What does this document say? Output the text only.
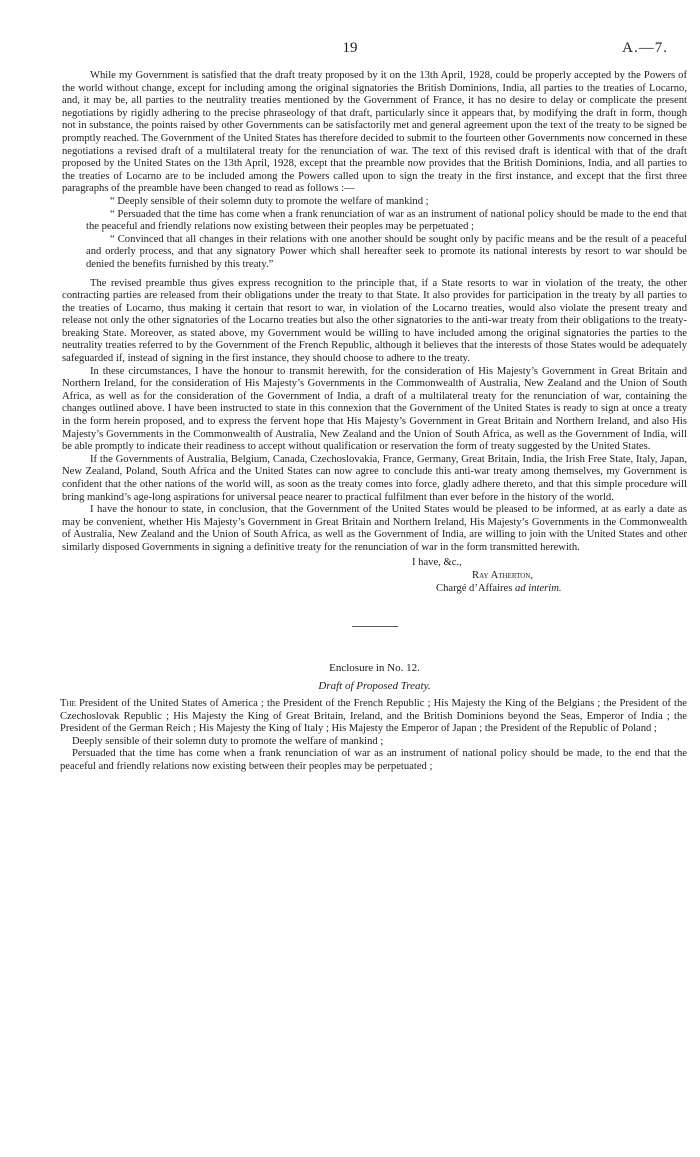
19	A.—7.

While my Government is satisfied that the draft treaty proposed by it on the 13th April, 1928, could be properly accepted by the Powers of the world without change, except for including among the original signatories the British Dominions, India, all parties to the treaties of Locarno, and, it may be, all parties to the neutrality treaties mentioned by the Government of France, it has no desire to delay or complicate the present negotiations by rigidly adhering to the precise phraseology of that draft, particularly since it appears that, by modifying the draft in form, though not in substance, the points raised by other Governments can be satisfactorily met and general agreement upon the text of the treaty to be signed be promptly reached. The Government of the United States has therefore decided to submit to the fourteen other Governments now concerned in these negotiations a revised draft of a multilateral treaty for the renunciation of war. The text of this revised draft is identical with that of the draft proposed by the United States on the 13th April, 1928, except that the preamble now provides that the British Dominions, India, and all parties to the treaties of Locarno are to be included among the Powers called upon to sign the treaty in the first instance, and except that the first three paragraphs of the preamble have been changed to read as follows :—

“ Deeply sensible of their solemn duty to promote the welfare of mankind ;

“ Persuaded that the time has come when a frank renunciation of war as an instrument of national policy should be made to the end that the peaceful and friendly relations now existing between their peoples may be perpetuated ;

“ Convinced that all changes in their relations with one another should be sought only by pacific means and be the result of a peaceful and orderly process, and that any signatory Power which shall hereafter seek to promote its national interests by resort to war should be denied the benefits furnished by this treaty.”

The revised preamble thus gives express recognition to the principle that, if a State resorts to war in violation of the treaty, the other contracting parties are released from their obligations under the treaty to that State. It also provides for participation in the treaty by all parties to the treaties of Locarno, thus making it certain that resort to war, in violation of the Locarno treaties, would also violate the present treaty and release not only the other signatories of the Locarno treaties but also the other signatories to the anti-war treaty from their obligations to the treaty-breaking State. Moreover, as stated above, my Government would be willing to have included among the original signatories the parties to the neutrality treaties referred to by the Government of the French Republic, although it believes that the interests of those States would be adequately safeguarded if, instead of signing in the first instance, they should choose to adhere to the treaty.

In these circumstances, I have the honour to transmit herewith, for the consideration of His Majesty’s Government in Great Britain and Northern Ireland, for the consideration of His Majesty’s Governments in the Commonwealth of Australia, New Zealand and the Union of South Africa, as well as for the consideration of the Government of India, a draft of a multilateral treaty for the renunciation of war, containing the changes outlined above. I have been instructed to state in this connexion that the Government of the United States is ready to sign at once a treaty in the form herein proposed, and to express the fervent hope that His Majesty’s Government in Great Britain and Northern Ireland, and also His Majesty’s Governments in the Commonwealth of Australia, New Zealand and the Union of South Africa, as well as the Government of India, will be able promptly to indicate their readiness to accept without qualification or reservation the form of treaty suggested by the United States.

If the Governments of Australia, Belgium, Canada, Czechoslovakia, France, Germany, Great Britain, India, the Irish Free State, Italy, Japan, New Zealand, Poland, South Africa and the United States can now agree to conclude this anti-war treaty among themselves, my Government is confident that the other nations of the world will, as soon as the treaty comes into force, gladly adhere thereto, and that this simple procedure will bring mankind’s age-long aspirations for universal peace nearer to practical fulfilment than ever before in the history of the world.

I have the honour to state, in conclusion, that the Government of the United States would be pleased to be informed, at as early a date as may be convenient, whether His Majesty’s Government in Great Britain and Northern Ireland, His Majesty’s Governments in the Commonwealth of Australia, New Zealand and the Union of South Africa, as well as the Government of India, are willing to join with the United States and other similarly disposed Governments in signing a definitive treaty for the renunciation of war in the form transmitted herewith.

I have, &c.,
Ray Atherton,
Chargé d’Affaires ad interim.
Enclosure in No. 12.
Draft of Proposed Treaty.

The President of the United States of America ; the President of the French Republic ; His Majesty the King of the Belgians ; the President of the Czechoslovak Republic ; His Majesty the King of Great Britain, Ireland, and the British Dominions beyond the Seas, Emperor of India ; the President of the German Reich ; His Majesty the King of Italy ; His Majesty the Emperor of Japan ; the President of the Republic of Poland ;

Deeply sensible of their solemn duty to promote the welfare of mankind ;

Persuaded that the time has come when a frank renunciation of war as an instrument of national policy should be made, to the end that the peaceful and friendly relations now existing between their peoples may be perpetuated ;
